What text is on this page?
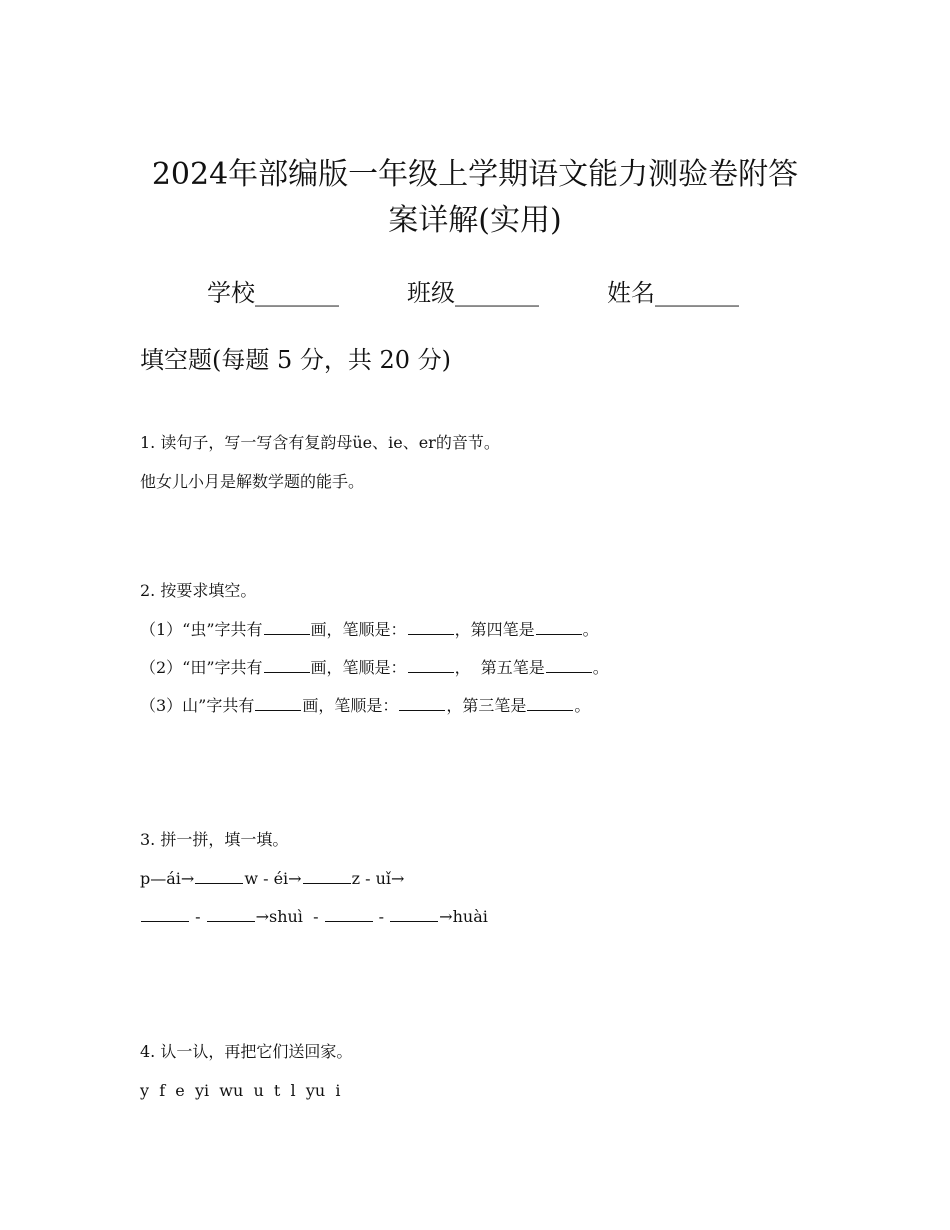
2024年部编版一年级上学期语文能力测验卷附答
案详解(实用)
学校_______	班级_______	姓名_______
填空题(每题 5 分，共 20 分)
1. 读句子，写一写含有复韵母üe、ie、er的音节。
他女儿小月是解数学题的能手。
2. 按要求填空。
（1）“虫”字共有	画，笔顺是：	，第四笔是	。
（2）“田”字共有	画，笔顺是：	，  第五笔是	。
（3）山”字共有	画，笔顺是：	，第三笔是	。
3. 拼一拼，填一填。
p—ái→	w - éi→	z - uǐ→
-	→shuì  -	-	→huài
4. 认一认，再把它们送回家。
y  f  e  yi  wu  u  t  l  yu  i
